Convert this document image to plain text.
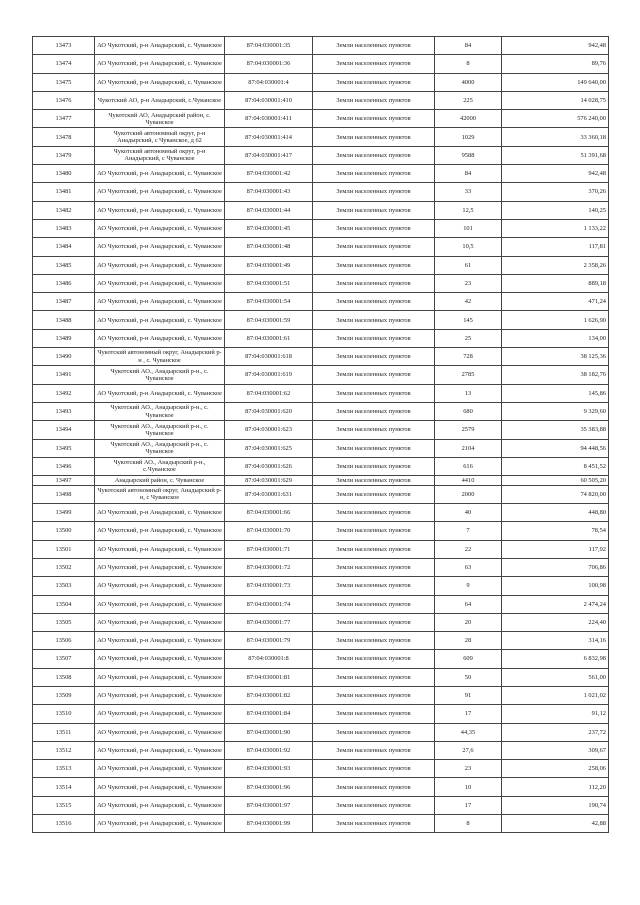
13473	АО Чукотский, р-н Анадырский, с. Чуванское	87:04:030001:35	Земли населенных пунктов	84	942,48
13474	АО Чукотский, р-н Анадырский, с. Чуванское	87:04:030001:36	Земли населенных пунктов	8	89,76
13475	АО Чукотский, р-н Анадырский, с. Чуванское	87:04:030001:4	Земли населенных пунктов	4000	149 640,00
13476	Чукотский АО, р-н Анадырский, с.Чуванское	87:04:030001:410	Земли населенных пунктов	225	14 028,75
13477	Чукотский АО, Анадырский район, с. Чуванское	87:04:030001:411	Земли населенных пунктов	42000	576 240,00
13478	Чукотский автономный округ, р-н Анадырский, с Чуванское, д 62	87:04:030001:414	Земли населенных пунктов	1029	33 360,18
13479	Чукотский автономный округ, р-н Анадырский, с Чуванское	87:04:030001:417	Земли населенных пунктов	9588	51 391,68
13480	АО Чукотский, р-н Анадырский, с. Чуванское	87:04:030001:42	Земли населенных пунктов	84	942,48
13481	АО Чукотский, р-н Анадырский, с. Чуванское	87:04:030001:43	Земли населенных пунктов	33	370,26
13482	АО Чукотский, р-н Анадырский, с. Чуванское	87:04:030001:44	Земли населенных пунктов	12,5	140,25
13483	АО Чукотский, р-н Анадырский, с. Чуванское	87:04:030001:45	Земли населенных пунктов	101	1 133,22
13484	АО Чукотский, р-н Анадырский, с. Чуванское	87:04:030001:48	Земли населенных пунктов	10,5	117,81
13485	АО Чукотский, р-н Анадырский, с. Чуванское	87:04:030001:49	Земли населенных пунктов	61	2 358,26
13486	АО Чукотский, р-н Анадырский, с. Чуванское	87:04:030001:51	Земли населенных пунктов	23	889,18
13487	АО Чукотский, р-н Анадырский, с. Чуванское	87:04:030001:54	Земли населенных пунктов	42	471,24
13488	АО Чукотский, р-н Анадырский, с. Чуванское	87:04:030001:59	Земли населенных пунктов	145	1 626,90
13489	АО Чукотский, р-н Анадырский, с. Чуванское	87:04:030001:61	Земли населенных пунктов	25	134,00
13490	Чукотский автономный округ, Анадырский р-н , с. Чуванское	87:04:030001:618	Земли населенных пунктов	728	38 125,36
13491	Чукотский АО., Анадырский р-н., с. Чуванское	87:04:030001:619	Земли населенных пунктов	2785	38 182,76
13492	АО Чукотский, р-н Анадырский, с. Чуванское	87:04:030001:62	Земли населенных пунктов	13	145,86
13493	Чукотский АО., Анадырский р-н., с. Чуванское	87:04:030001:620	Земли населенных пунктов	680	9 329,60
13494	Чукотский АО., Анадырский р-н., с. Чуванское	87:04:030001:623	Земли населенных пунктов	2579	35 383,88
13495	Чукотский АО., Анадырский р-н., с. Чуванское	87:04:030001:625	Земли населенных пунктов	2104	94 448,56
13496	Чукотский АО., Анадырский р-н., с.Чуванское	87:04:030001:626	Земли населенных пунктов	616	8 451,52
13497	Анадырский район, с. Чуванское	87:04:030001:629	Земли населенных пунктов	4410	60 505,20
13498	Чукотский автономный округ, Анадырский р-н, с Чуванское	87:04:030001:631	Земли населенных пунктов	2000	74 820,00
13499	АО Чукотский, р-н Анадырский, с. Чуванское	87:04:030001:66	Земли населенных пунктов	40	448,80
13500	АО Чукотский, р-н Анадырский, с. Чуванское	87:04:030001:70	Земли населенных пунктов	7	78,54
13501	АО Чукотский, р-н Анадырский, с. Чуванское	87:04:030001:71	Земли населенных пунктов	22	117,92
13502	АО Чукотский, р-н Анадырский, с. Чуванское	87:04:030001:72	Земли населенных пунктов	63	706,86
13503	АО Чукотский, р-н Анадырский, с. Чуванское	87:04:030001:73	Земли населенных пунктов	9	100,98
13504	АО Чукотский, р-н Анадырский, с. Чуванское	87:04:030001:74	Земли населенных пунктов	64	2 474,24
13505	АО Чукотский, р-н Анадырский, с. Чуванское	87:04:030001:77	Земли населенных пунктов	20	224,40
13506	АО Чукотский, р-н Анадырский, с. Чуванское	87:04:030001:79	Земли населенных пунктов	28	314,16
13507	АО Чукотский, р-н Анадырский, с. Чуванское	87:04:030001:8	Земли населенных пунктов	609	6 832,98
13508	АО Чукотский, р-н Анадырский, с. Чуванское	87:04:030001:81	Земли населенных пунктов	50	561,00
13509	АО Чукотский, р-н Анадырский, с. Чуванское	87:04:030001:82	Земли населенных пунктов	91	1 021,02
13510	АО Чукотский, р-н Анадырский, с. Чуванское	87:04:030001:84	Земли населенных пунктов	17	91,12
13511	АО Чукотский, р-н Анадырский, с. Чуванское	87:04:030001:90	Земли населенных пунктов	44,35	237,72
13512	АО Чукотский, р-н Анадырский, с. Чуванское	87:04:030001:92	Земли населенных пунктов	27,6	309,67
13513	АО Чукотский, р-н Анадырский, с. Чуванское	87:04:030001:93	Земли населенных пунктов	23	258,06
13514	АО Чукотский, р-н Анадырский, с. Чуванское	87:04:030001:96	Земли населенных пунктов	10	112,20
13515	АО Чукотский, р-н Анадырский, с. Чуванское	87:04:030001:97	Земли населенных пунктов	17	190,74
13516	АО Чукотский, р-н Анадырский, с. Чуванское	87:04:030001:99	Земли населенных пунктов	8	42,88
